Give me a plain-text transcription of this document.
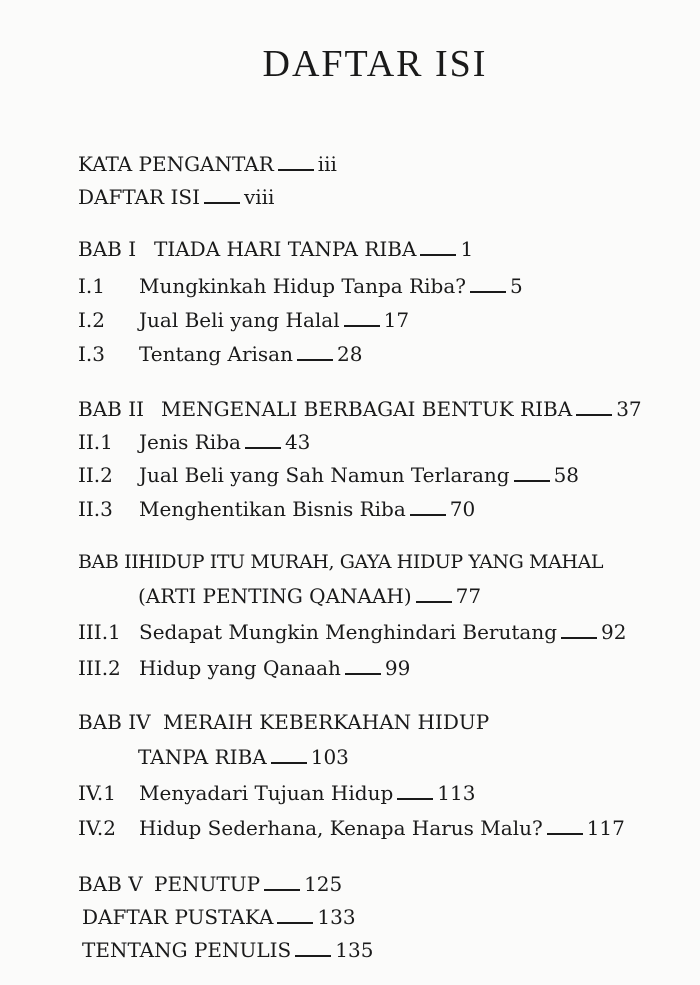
DAFTAR ISI
KATA PENGANTAR iii
DAFTAR ISI viii
BAB I TIADA HARI TANPA RIBA 1
I.1 Mungkinkah Hidup Tanpa Riba? 5
I.2 Jual Beli yang Halal 17
I.3 Tentang Arisan 28
BAB II MENGENALI BERBAGAI BENTUK RIBA 37
II.1 Jenis Riba 43
II.2 Jual Beli yang Sah Namun Terlarang 58
II.3 Menghentikan Bisnis Riba 70
BAB IIIHIDUP ITU MURAH, GAYA HIDUP YANG MAHAL
(ARTI PENTING QANAAH) 77
III.1 Sedapat Mungkin Menghindari Berutang 92
III.2 Hidup yang Qanaah 99
BAB IV MERAIH KEBERKAHAN HIDUP
TANPA RIBA 103
IV.1 Menyadari Tujuan Hidup 113
IV.2 Hidup Sederhana, Kenapa Harus Malu? 117
BAB V PENUTUP 125
DAFTAR PUSTAKA 133
TENTANG PENULIS 135
